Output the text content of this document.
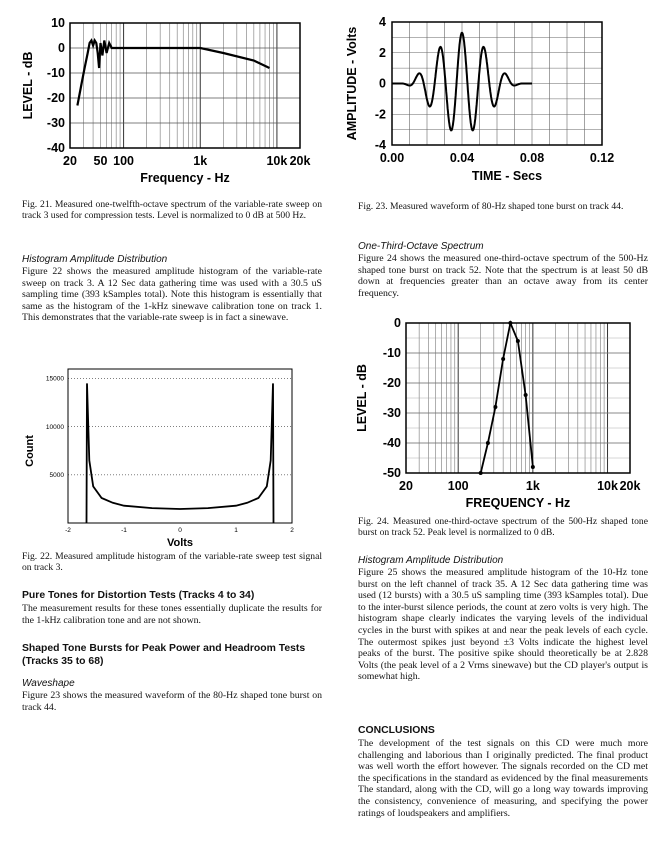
10
0
-10
-20
-30
-40
20 50 100	1k	10k 20k
Frequency - Hz
LEVEL - dB
Fig. 21. Measured one-twelfth-octave spectrum of the variable-rate sweep on track 3 used for compression tests. Level is normalized to 0 dB at 500 Hz.
4
2
0
-2
-4
0.00	0.04	0.08	0.12
TIME - Secs
AMPLITUDE - Volts
Fig. 23. Measured waveform of 80-Hz shaped tone burst on track 44.
Histogram Amplitude Distribution
Figure 22 shows the measured amplitude histogram of the variable-rate sweep on track 3. A 12 Sec data gathering time was used with a 30.5 uS sampling time (393 kSamples total). Note this histogram is essentially that same as the histogram of the 1-kHz sinewave calibration tone on track 1. This demonstrates that the variable-rate sweep is in fact a sinewave.
15000
10000
5000
-2	-1	0	1	2
Volts
Count
Fig. 22. Measured amplitude histogram of the variable-rate sweep test signal on track 3.
Pure Tones for Distortion Tests (Tracks 4 to 34)
The measurement results for these tones essentially duplicate the results for the 1-kHz calibration tone and are not shown.
Shaped Tone Bursts for Peak Power and Headroom Tests (Tracks 35 to 68)
Waveshape
Figure 23 shows the measured waveform of the 80-Hz shaped tone burst on track 44.
One-Third-Octave Spectrum
Figure 24 shows the measured one-third-octave spectrum of the 500-Hz shaped tone burst on track 52. Note that the spectrum is at least 50 dB down at frequencies greater than an octave away from its center frequency.
0
-10
-20
-30
-40
-50
20	100	1k	10k 20k
FREQUENCY - Hz
LEVEL - dB
Fig. 24. Measured one-third-octave spectrum of the 500-Hz shaped tone burst on track 52. Peak level is normalized to 0 dB.
Histogram Amplitude Distribution
Figure 25 shows the measured amplitude histogram of the 10-Hz tone burst on the left channel of track 35. A 12 Sec data gathering time was used (12 bursts) with a 30.5 uS sampling time (393 kSamples total). Due to the inter-burst silence periods, the count at zero volts is very high. The histogram shape clearly indicates the varying levels of the individual cycles in the burst with spikes at and near the peak levels of each cycle. The outermost spikes just beyond ±3 Volts indicate the highest level peaks of the burst. The positive spike should theoretically be at 2.828 Volts (the peak level of a 2 Vrms sinewave) but the CD player's output is somewhat high.
CONCLUSIONS
The development of the test signals on this CD were much more challenging and laborious than I originally predicted. The final product was well worth the effort however. The signals recorded on the CD met the specifications in the standard as evidenced by the final measurements The standard, along with the CD, will go a long way towards improving the consistency, convenience of measuring, and specifying the power ratings of loudspeakers and amplifiers.
